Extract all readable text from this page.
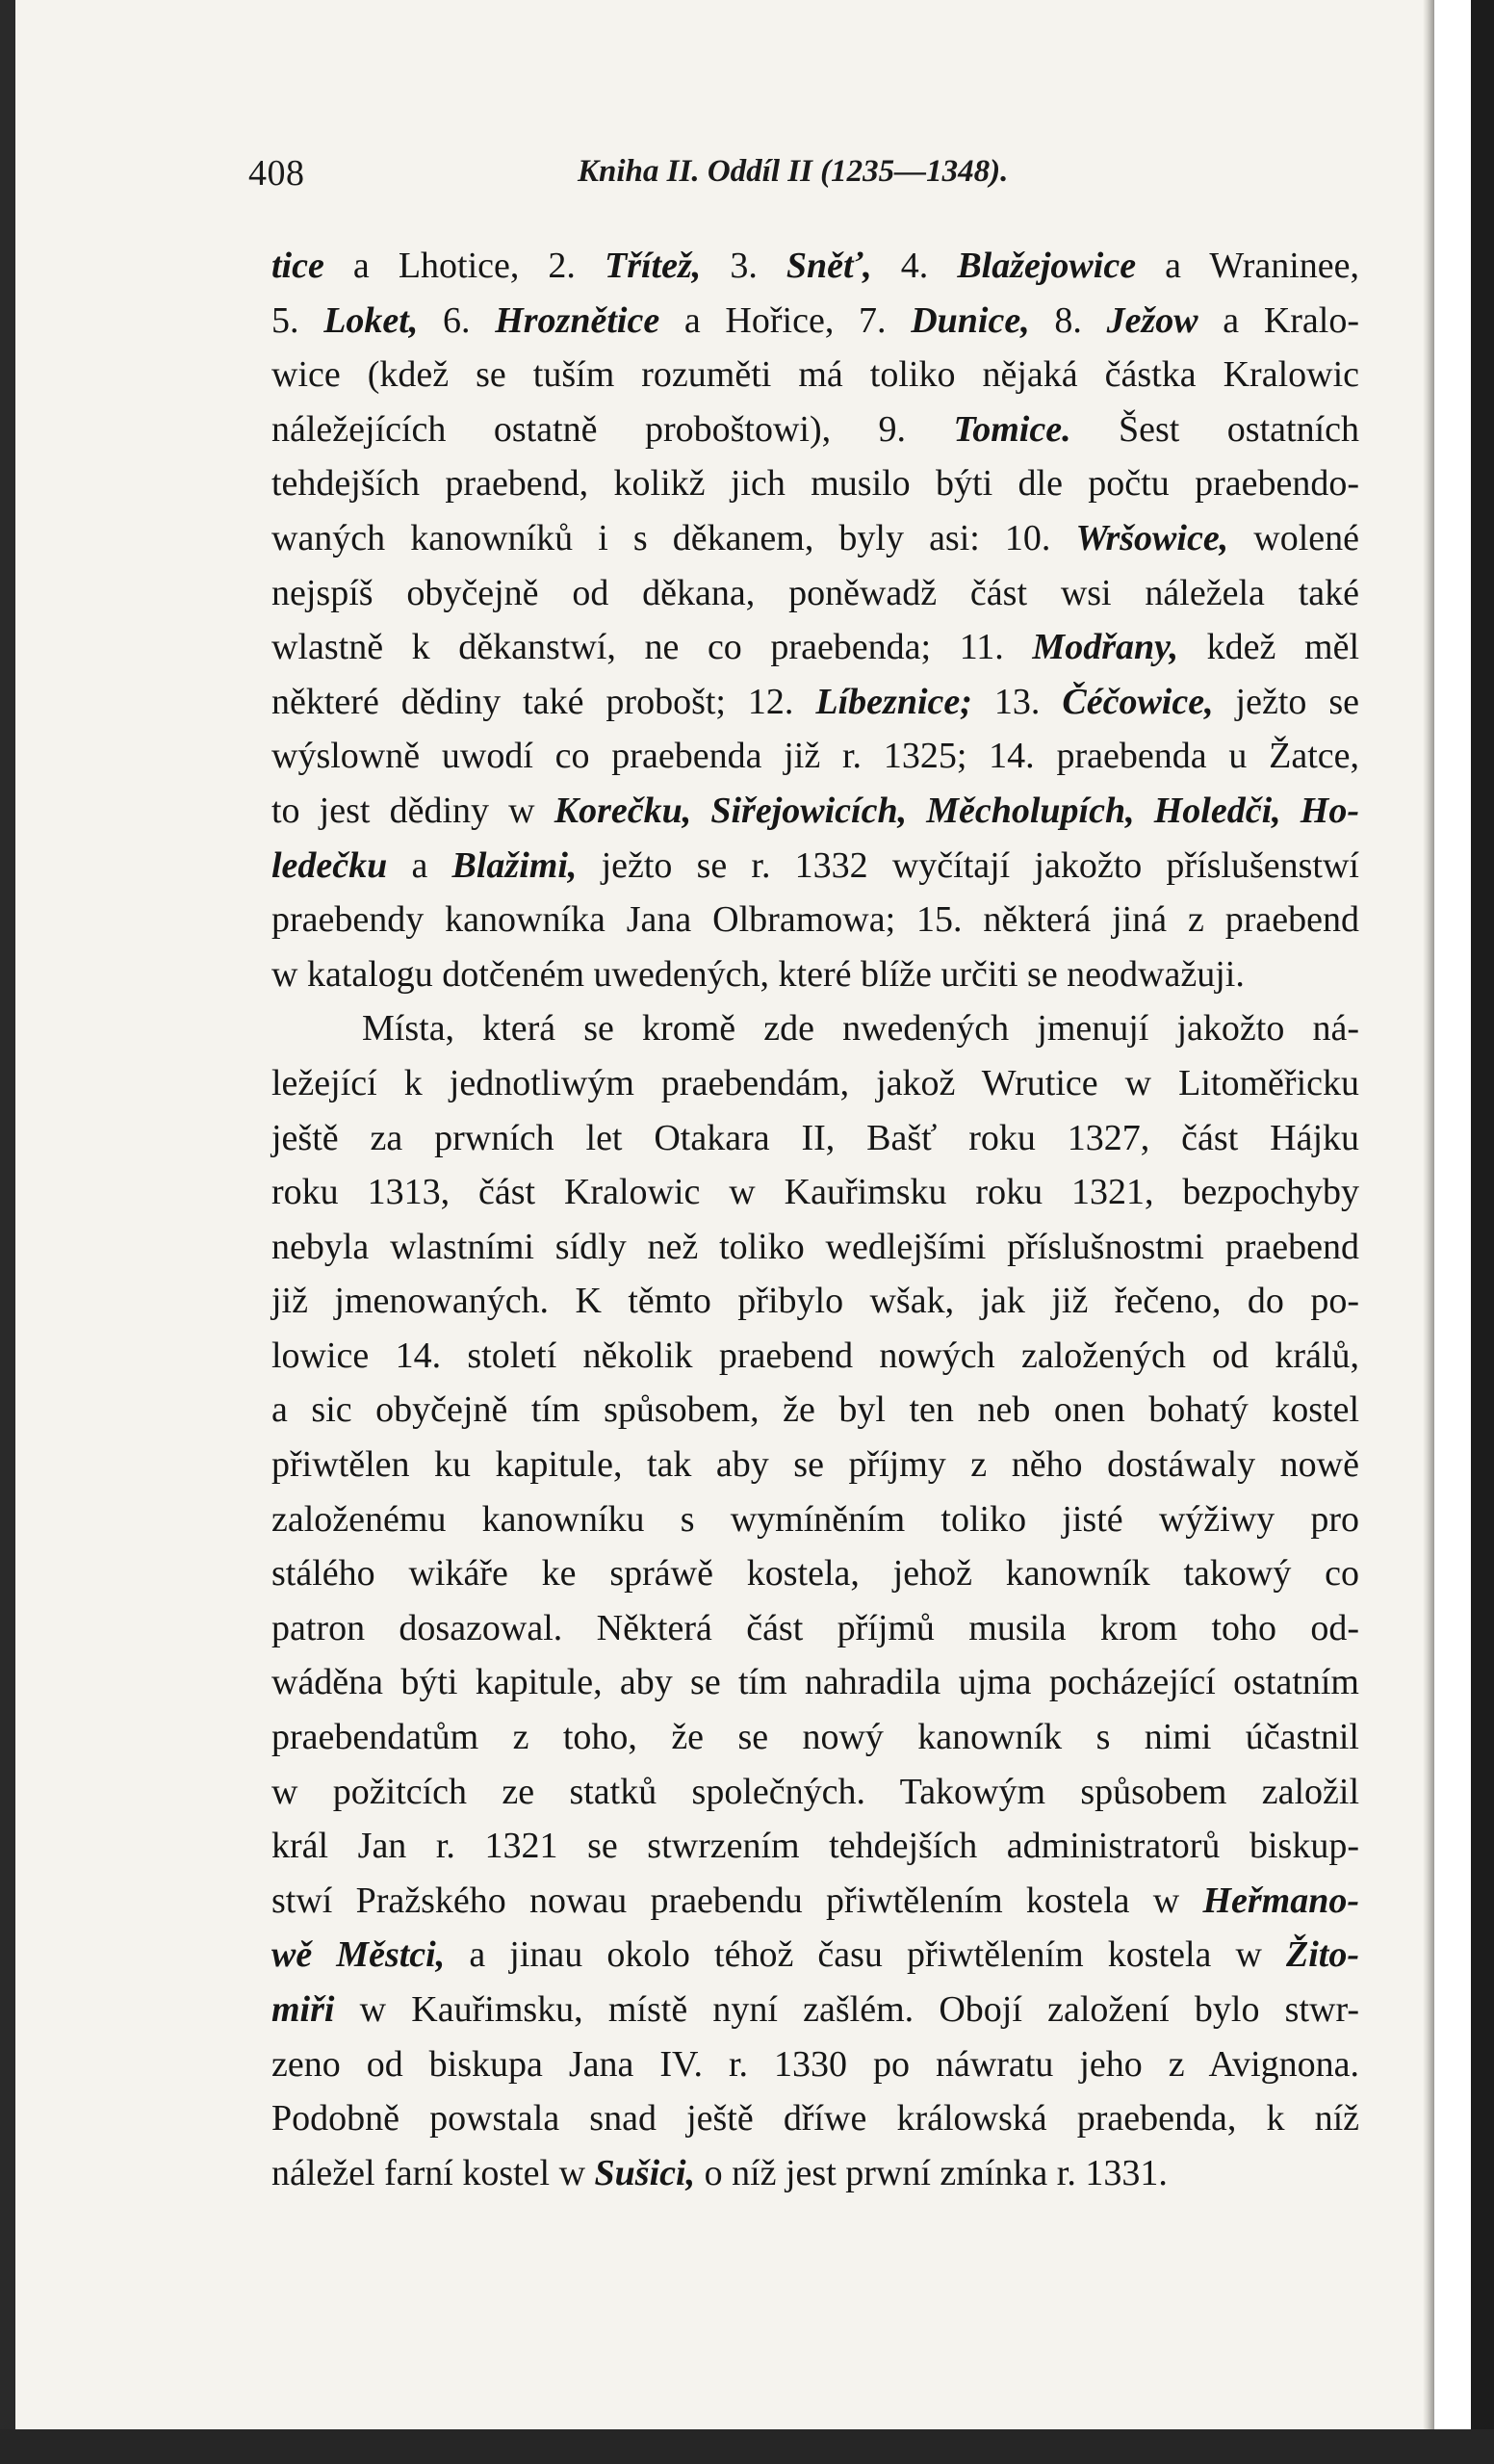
408	Kniha II. Oddíl II (1235—1348).
tice a Lhotice, 2. Třítež, 3. Sněť, 4. Blažejowice a Wraninee,
5. Loket, 6. Hroznětice a Hořice, 7. Dunice, 8. Ježow a Kralo-
wice (kdež se tuším rozuměti má toliko nějaká částka Kralowic
náležejících ostatně proboštowi), 9. Tomice. Šest ostatních
tehdejších praebend, kolikž jich musilo býti dle počtu praebendo-
waných kanowníků i s děkanem, byly asi: 10. Wršowice, wolené
nejspíš obyčejně od děkana, poněwadž část wsi náležela také
wlastně k děkanstwí, ne co praebenda; 11. Modřany, kdež měl
některé dědiny také probošt; 12. Líbeznice; 13. Čéčowice, ježto se
wýslowně uwodí co praebenda již r. 1325; 14. praebenda u Žatce,
to jest dědiny w Korečku, Siřejowicích, Měcholupích, Holedči, Ho-
ledečku a Blažimi, ježto se r. 1332 wyčítají jakožto příslušenstwí
praebendy kanowníka Jana Olbramowa; 15. některá jiná z praebend
w katalogu dotčeném uwedených, které blíže určiti se neodwažuji.
Místa, která se kromě zde nwedených jmenují jakožto ná-
ležející k jednotliwým praebendám, jakož Wrutice w Litoměřicku
ještě za prwních let Otakara II, Bašť roku 1327, část Hájku
roku 1313, část Kralowic w Kauřimsku roku 1321, bezpochyby
nebyla wlastními sídly než toliko wedlejšími příslušnostmi praebend
již jmenowaných. K těmto přibylo wšak, jak již řečeno, do po-
lowice 14. století několik praebend nowých založených od králů,
a sic obyčejně tím spůsobem, že byl ten neb onen bohatý kostel
přiwtělen ku kapitule, tak aby se příjmy z něho dostáwaly nowě
založenému kanowníku s wymíněním toliko jisté wýžiwy pro
stálého wikáře ke spráwě kostela, jehož kanowník takowý co
patron dosazowal. Některá část příjmů musila krom toho od-
wáděna býti kapitule, aby se tím nahradila ujma pocházející ostatním
praebendatům z toho, že se nowý kanowník s nimi účastnil
w požitcích ze statků společných. Takowým spůsobem založil
král Jan r. 1321 se stwrzením tehdejších administratorů biskup-
stwí Pražského nowau praebendu přiwtělením kostela w Heřmano-
wě Městci, a jinau okolo téhož času přiwtělením kostela w Žito-
miři w Kauřimsku, místě nyní zašlém. Obojí založení bylo stwr-
zeno od biskupa Jana IV. r. 1330 po náwratu jeho z Avignona.
Podobně powstala snad ještě dříwe králowská praebenda, k níž
náležel farní kostel w Sušici, o níž jest prwní zmínka r. 1331.
